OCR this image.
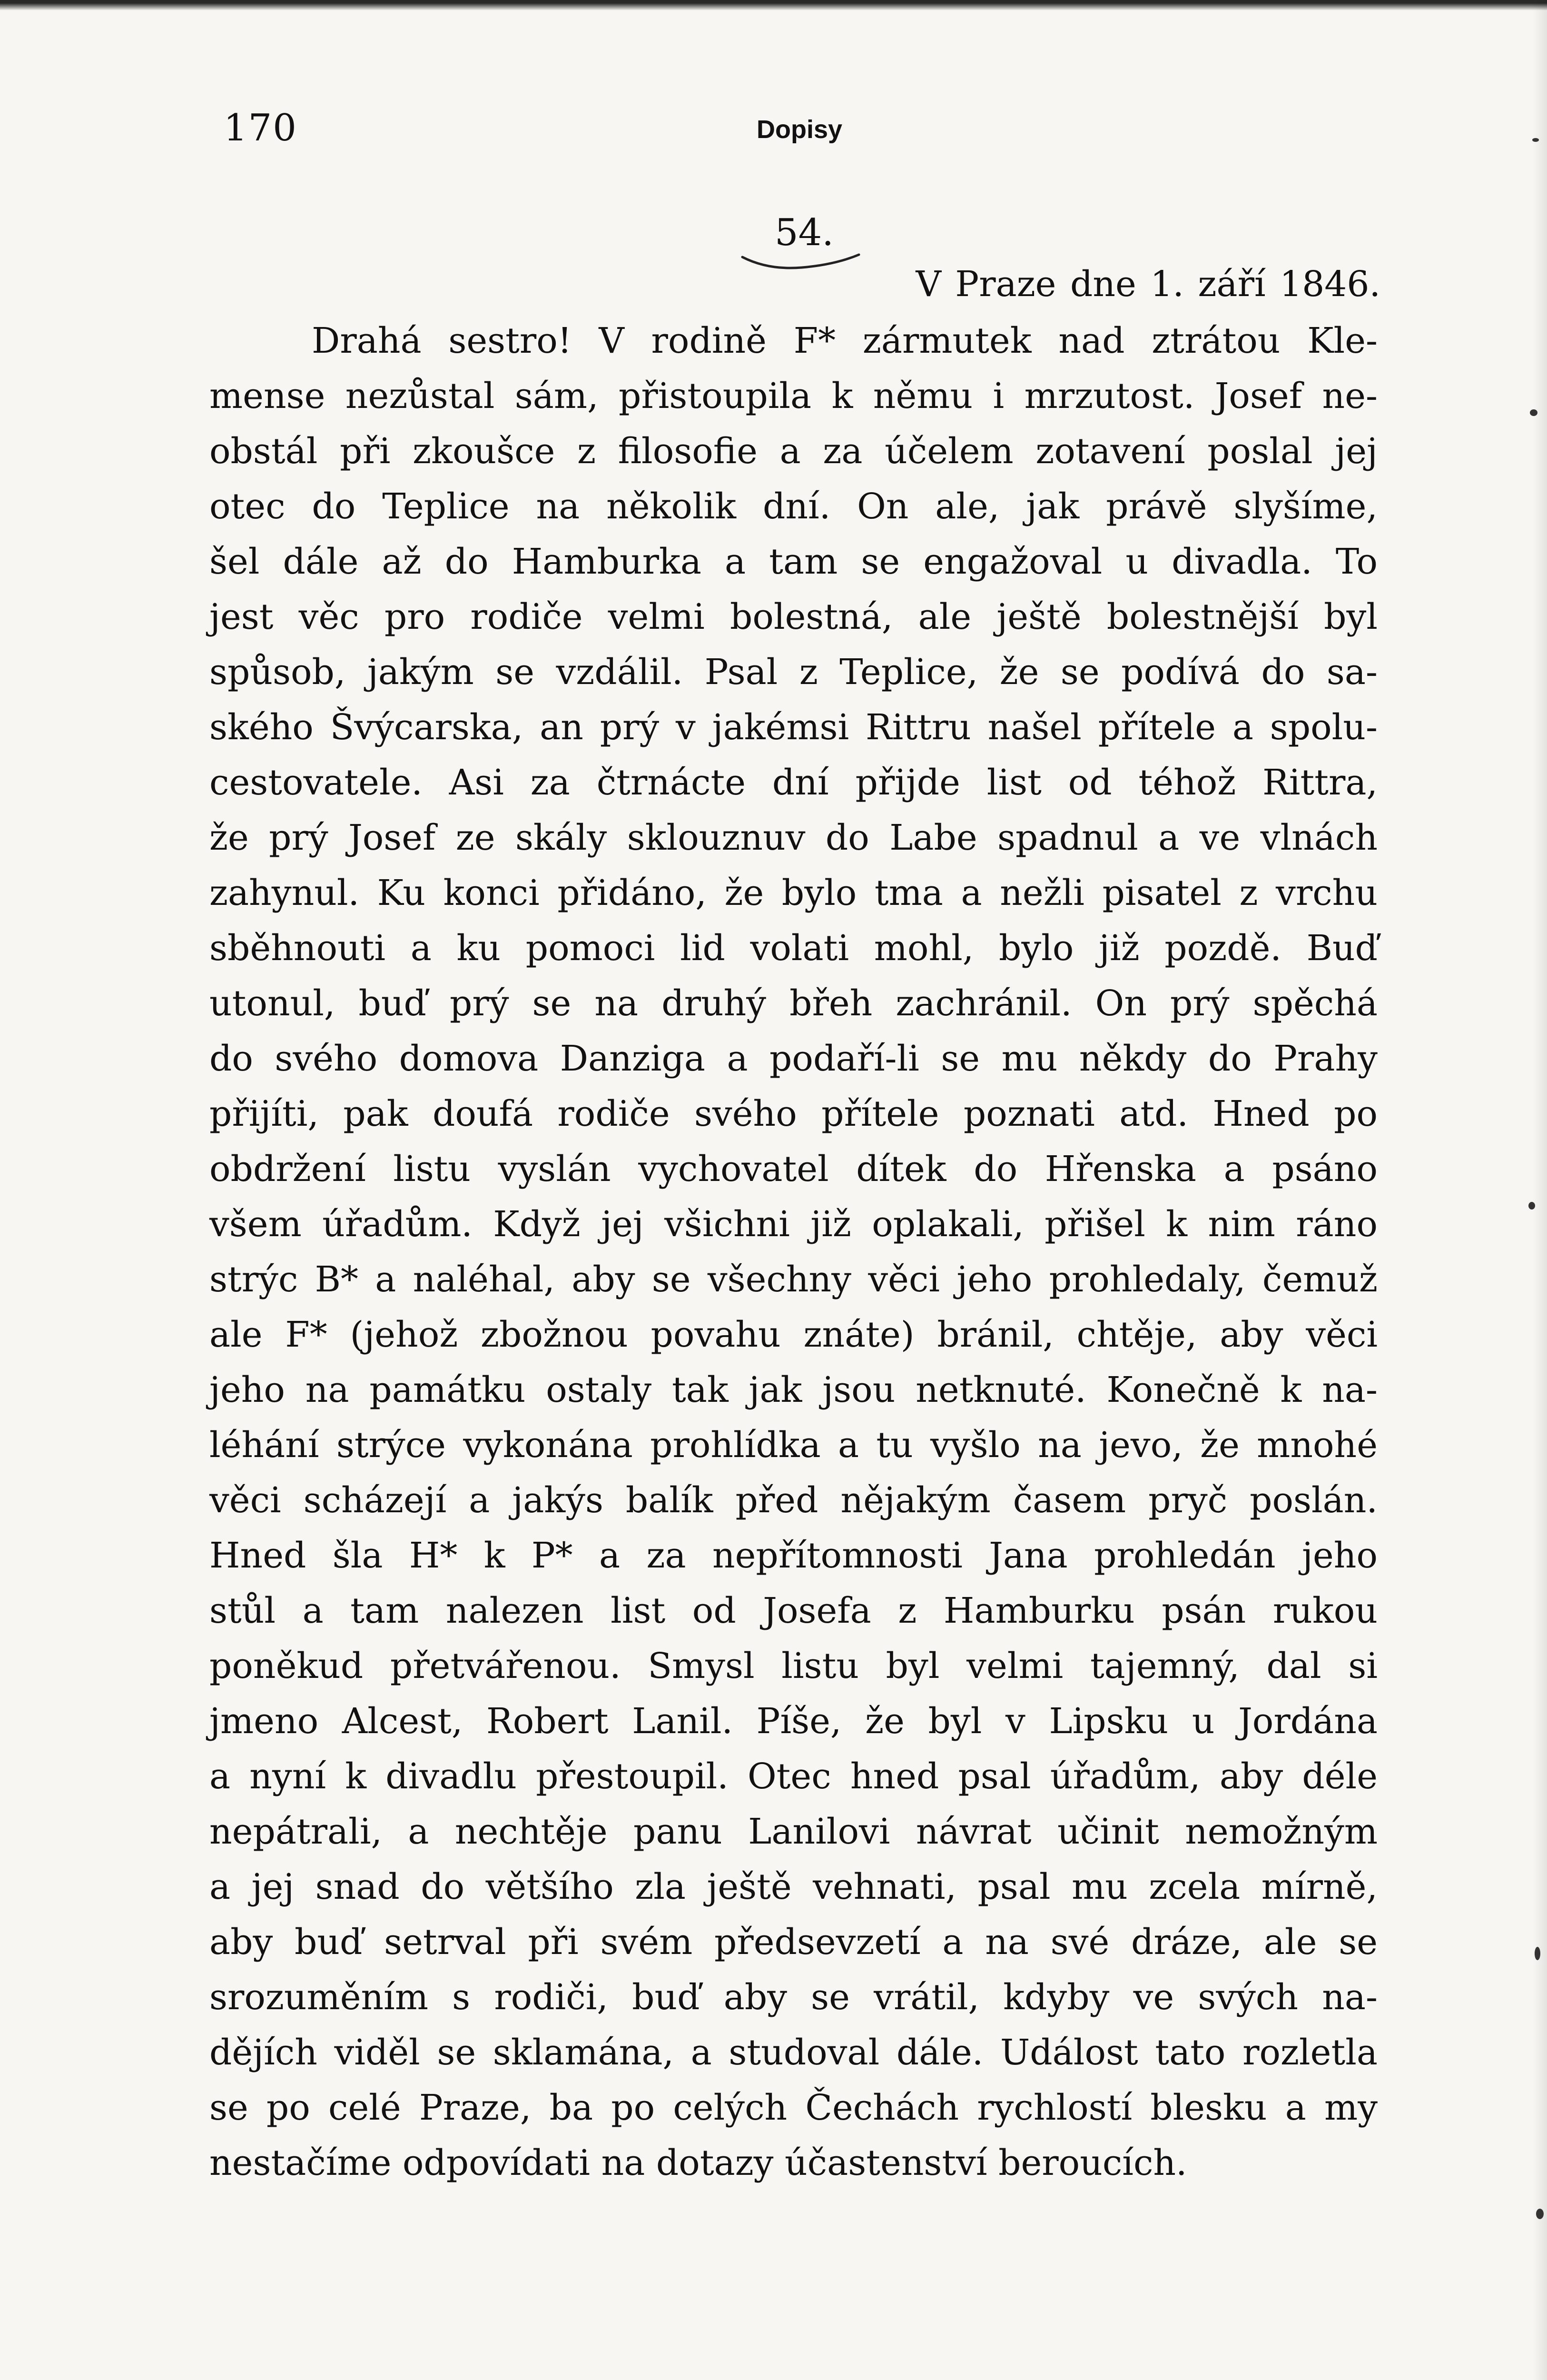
170	Dopisy
54.
V Praze dne 1. září 1846.
Drahá sestro! V rodině F* zármutek nad ztrátou Kle-
mense nezůstal sám, přistoupila k němu i mrzutost. Josef ne-
obstál při zkoušce z filosofie a za účelem zotavení poslal jej
otec do Teplice na několik dní. On ale, jak právě slyšíme,
šel dále až do Hamburka a tam se engažoval u divadla. To
jest věc pro rodiče velmi bolestná, ale ještě bolestnější byl
spůsob, jakým se vzdálil. Psal z Teplice, že se podívá do sa-
ského Švýcarska, an prý v jakémsi Rittru našel přítele a spolu-
cestovatele. Asi za čtrnácte dní přijde list od téhož Rittra,
že prý Josef ze skály sklouznuv do Labe spadnul a ve vlnách
zahynul. Ku konci přidáno, že bylo tma a nežli pisatel z vrchu
sběhnouti a ku pomoci lid volati mohl, bylo již pozdě. Buď
utonul, buď prý se na druhý břeh zachránil. On prý spěchá
do svého domova Danziga a podaří-li se mu někdy do Prahy
přijíti, pak doufá rodiče svého přítele poznati atd. Hned po
obdržení listu vyslán vychovatel dítek do Hřenska a psáno
všem úřadům. Když jej všichni již oplakali, přišel k nim ráno
strýc B* a naléhal, aby se všechny věci jeho prohledaly, čemuž
ale F* (jehož zbožnou povahu znáte) bránil, chtěje, aby věci
jeho na památku ostaly tak jak jsou netknuté. Konečně k na-
léhání strýce vykonána prohlídka a tu vyšlo na jevo, že mnohé
věci scházejí a jakýs balík před nějakým časem pryč poslán.
Hned šla H* k P* a za nepřítomnosti Jana prohledán jeho
stůl a tam nalezen list od Josefa z Hamburku psán rukou
poněkud přetvářenou. Smysl listu byl velmi tajemný, dal si
jmeno Alcest, Robert Lanil. Píše, že byl v Lipsku u Jordána
a nyní k divadlu přestoupil. Otec hned psal úřadům, aby déle
nepátrali, a nechtěje panu Lanilovi návrat učinit nemožným
a jej snad do většího zla ještě vehnati, psal mu zcela mírně,
aby buď setrval při svém předsevzetí a na své dráze, ale se
srozuměním s rodiči, buď aby se vrátil, kdyby ve svých na-
dějích viděl se sklamána, a studoval dále. Událost tato rozletla
se po celé Praze, ba po celých Čechách rychlostí blesku a my
nestačíme odpovídati na dotazy účastenství beroucích.
